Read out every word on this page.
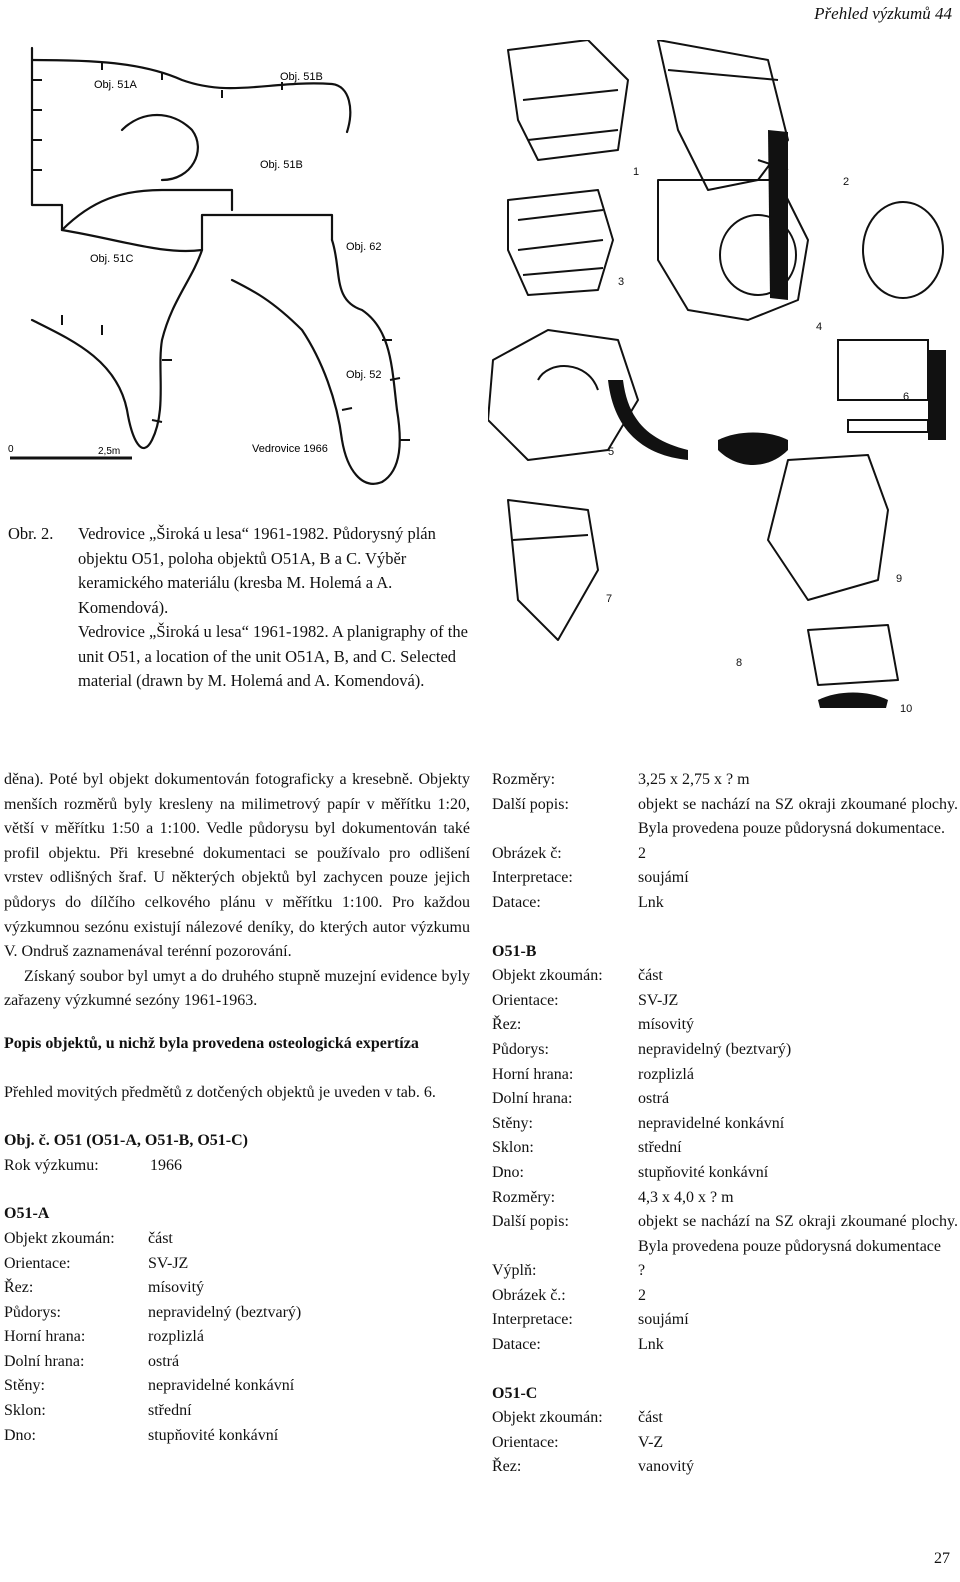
Přehled výzkumů 44
Obj. 51A
Obj. 51B
Obj. 51B
Obj. 51C
Obj. 62
Obj. 52
0	2,5m	Vedrovice 1966
1
2
3
4
5
6
7
8
9
10
Obr. 2. Vedrovice „Široká u lesa“ 1961-1982. Půdorysný plán objektu O51, poloha objektů O51A, B a C. Výběr keramického materiálu (kresba M. Holemá a A. Komendová).
Vedrovice „Široká u lesa“ 1961-1982. A planigraphy of the unit O51, a location of the unit O51A, B, and C. Selected material (drawn by M. Holemá and A. Komendová).

děna). Poté byl objekt dokumentován fotograficky a kresebně. Objekty menších rozměrů byly kresleny na milimetrový papír v měřítku 1:20, větší v měřítku 1:50 a 1:100. Vedle půdorysu byl dokumentován také profil objektu. Při kresebné dokumentaci se používalo pro odlišení vrstev odlišných šraf. U některých objektů byl zachycen pouze jejich půdorys do dílčího celkového plánu v měřítku 1:100. Pro každou výzkumnou sezónu existují nálezové deníky, do kterých autor výzkumu V. Ondruš zaznamenával terénní pozorování.

Získaný soubor byl umyt a do druhého stupně muzejní evidence byly zařazeny výzkumné sezóny 1961-1963.

Popis objektů, u nichž byla provedena osteologická expertíza

Přehled movitých předmětů z dotčených objektů je uveden v tab. 6.

Obj. č. O51 (O51-A, O51-B, O51-C)

Rok výzkumu:	1966

O51-A

Objekt zkoumán:	část
Orientace:	SV-JZ
Řez:	mísovitý
Půdorys:	nepravidelný (beztvarý)
Horní hrana:	rozplizlá
Dolní hrana:	ostrá
Stěny:	nepravidelné konkávní
Sklon:	střední
Dno:	stupňovité konkávní
Rozměry:	3,25 x 2,75 x ? m
Další popis:	objekt se nachází na SZ okraji zkoumané plochy. Byla provedena pouze půdorysná dokumentace.
Obrázek č:	2
Interpretace:	soujámí
Datace:	Lnk

O51-B

Objekt zkoumán:	část
Orientace:	SV-JZ
Řez:	mísovitý
Půdorys:	nepravidelný (beztvarý)
Horní hrana:	rozplizlá
Dolní hrana:	ostrá
Stěny:	nepravidelné konkávní
Sklon:	střední
Dno:	stupňovité konkávní
Rozměry:	4,3 x 4,0 x ? m
Další popis:	objekt se nachází na SZ okraji zkoumané plochy. Byla provedena pouze půdorysná dokumentace
Výplň:	?
Obrázek č.:	2
Interpretace:	soujámí
Datace:	Lnk

O51-C

Objekt zkoumán:	část
Orientace:	V-Z
Řez:	vanovitý
27
